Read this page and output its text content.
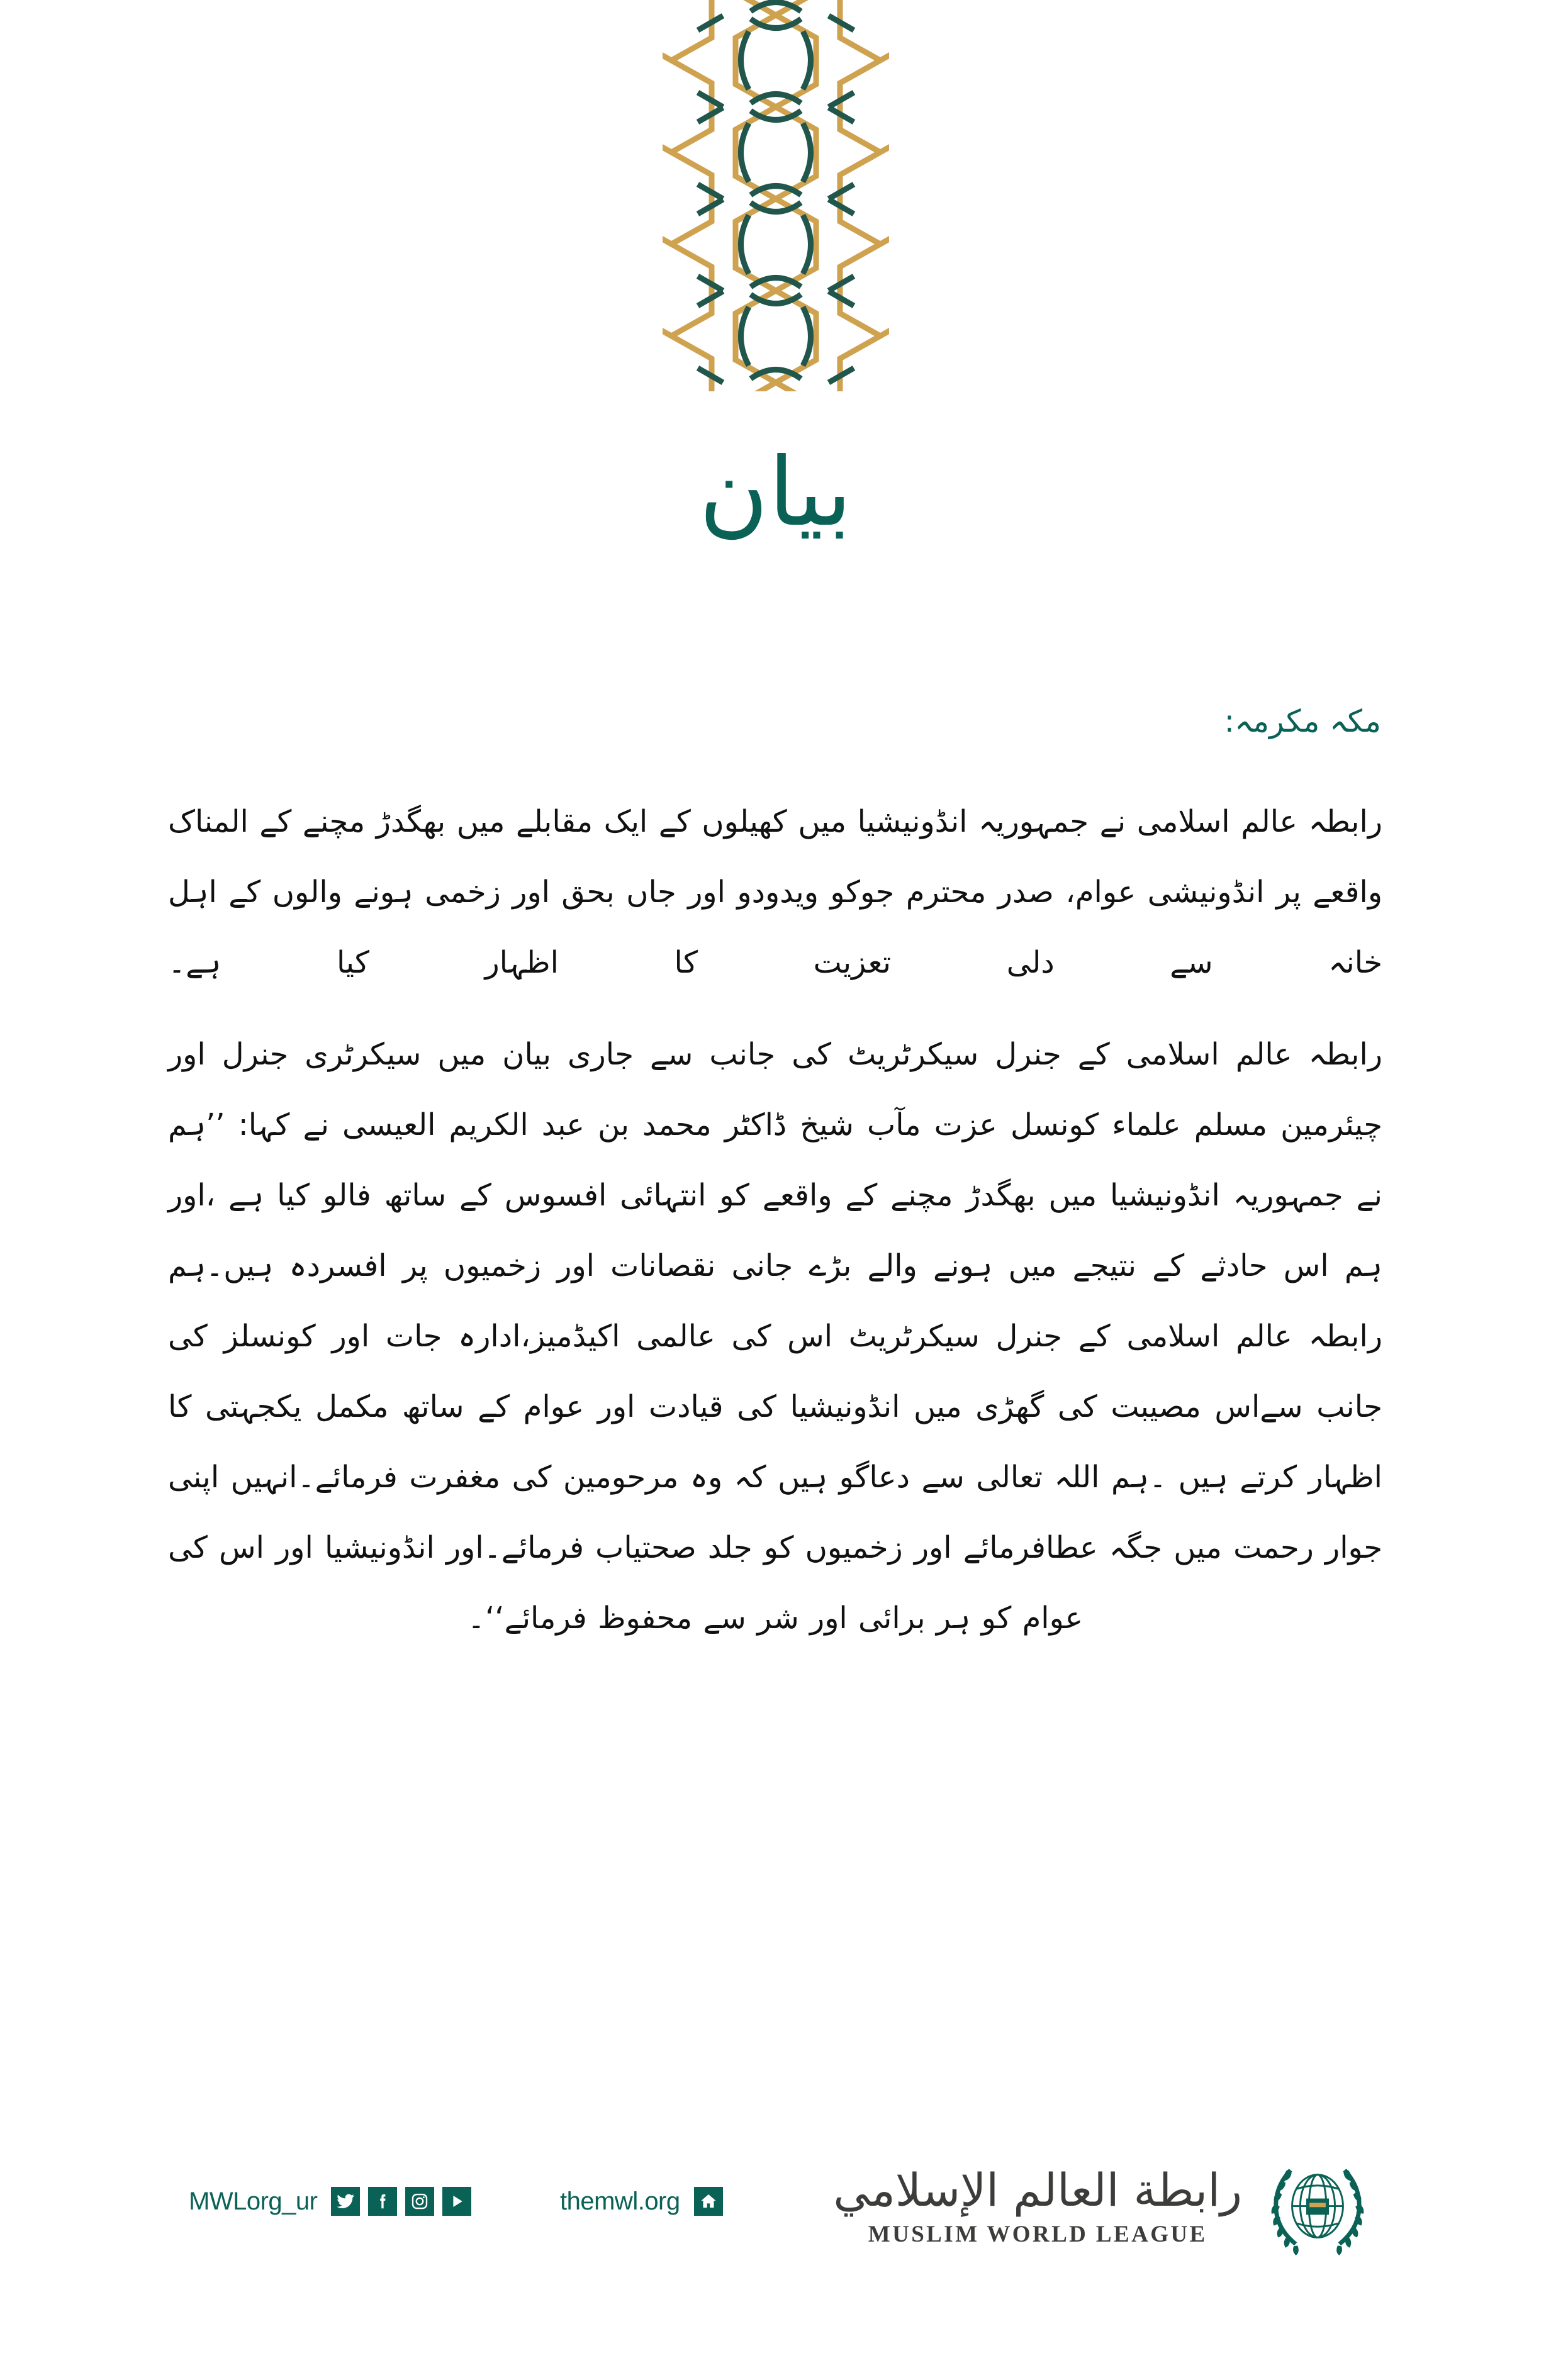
بیان
مکہ مکرمہ:

رابطہ عالم اسلامی نے جمہوریہ انڈونیشیا میں کھیلوں کے ایک مقابلے میں بھگدڑ مچنے کے المناک واقعے پر انڈونیشی عوام، صدر محترم جوکو ویدودو اور جاں بحق اور زخمی ہونے والوں کے اہل خانہ سے دلی تعزیت کا اظہار کیا ہے۔

رابطہ عالم اسلامی کے جنرل سیکرٹریٹ کی جانب سے جاری بیان میں سیکرٹری جنرل اور چیئرمین مسلم علماء کونسل عزت مآب شیخ ڈاکٹر محمد بن عبد الکریم العیسی نے کہا: ’’ہم نے جمہوریہ انڈونیشیا میں بھگدڑ مچنے کے واقعے کو انتہائی افسوس کے ساتھ فالو کیا ہے ،اور ہم اس حادثے کے نتیجے میں ہونے والے بڑے جانی نقصانات اور زخمیوں پر افسردہ ہیں۔ہم رابطہ عالم اسلامی کے جنرل سیکرٹریٹ اس کی عالمی اکیڈمیز،ادارہ جات اور کونسلز کی جانب سےاس مصیبت کی گھڑی میں انڈونیشیا کی قیادت اور عوام کے ساتھ مکمل یکجہتی کا اظہار کرتے ہیں ۔ہم اللہ تعالی سے دعاگو ہیں کہ وہ مرحومین کی مغفرت فرمائے۔انہیں اپنی جوار رحمت میں جگہ عطافرمائے اور زخمیوں کو جلد صحتیاب فرمائے۔اور انڈونیشیا اور اس کی عوام کو ہر برائی اور شر سے محفوظ فرمائے‘‘۔

MWLorg_ur	themwl.org	رابطة العالم الإسلامي
MUSLIM WORLD LEAGUE
